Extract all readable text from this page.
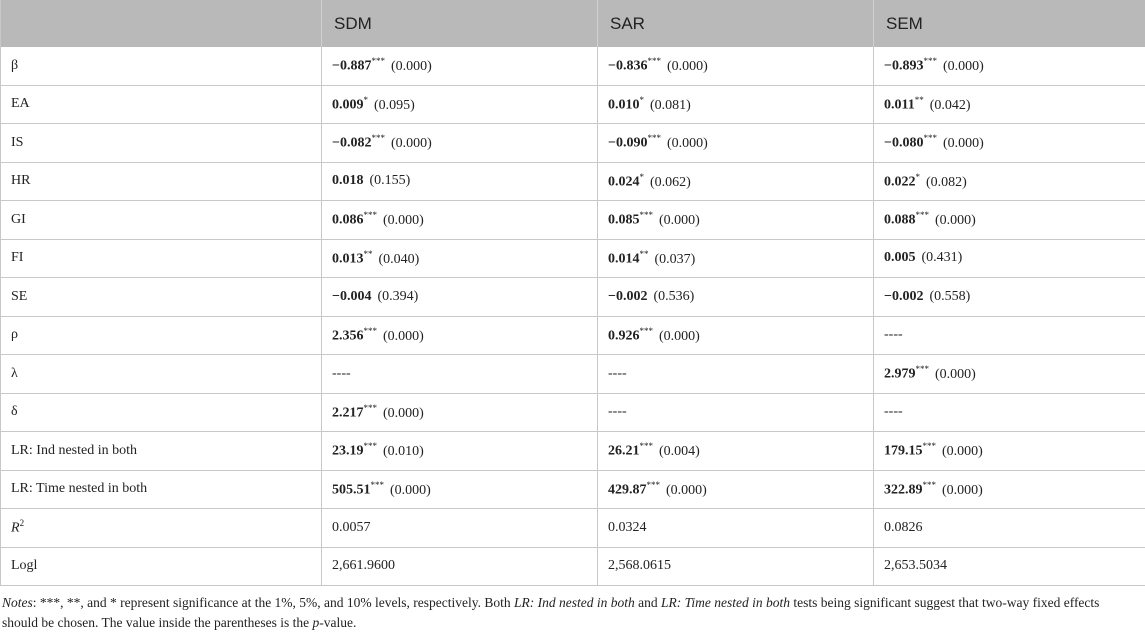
	SDM	SAR	SEM
β	−0.887*** (0.000)	−0.836*** (0.000)	−0.893*** (0.000)
EA	0.009* (0.095)	0.010* (0.081)	0.011** (0.042)
IS	−0.082*** (0.000)	−0.090*** (0.000)	−0.080*** (0.000)
HR	0.018 (0.155)	0.024* (0.062)	0.022* (0.082)
GI	0.086*** (0.000)	0.085*** (0.000)	0.088*** (0.000)
FI	0.013** (0.040)	0.014** (0.037)	0.005 (0.431)
SE	−0.004 (0.394)	−0.002 (0.536)	−0.002 (0.558)
ρ	2.356*** (0.000)	0.926*** (0.000)	----
λ	----	----	2.979*** (0.000)
δ	2.217*** (0.000)	----	----
LR: Ind nested in both	23.19*** (0.010)	26.21*** (0.004)	179.15*** (0.000)
LR: Time nested in both	505.51*** (0.000)	429.87*** (0.000)	322.89*** (0.000)
$R^2$	0.0057	0.0324	0.0826
Logl	2,661.9600	2,568.0615	2,653.5034
Notes: ***, **, and * represent significance at the 1%, 5%, and 10% levels, respectively. Both LR: Ind nested in both and LR: Time nested in both tests being significant suggest that two-way fixed effects should be chosen. The value inside the parentheses is the p-value.
